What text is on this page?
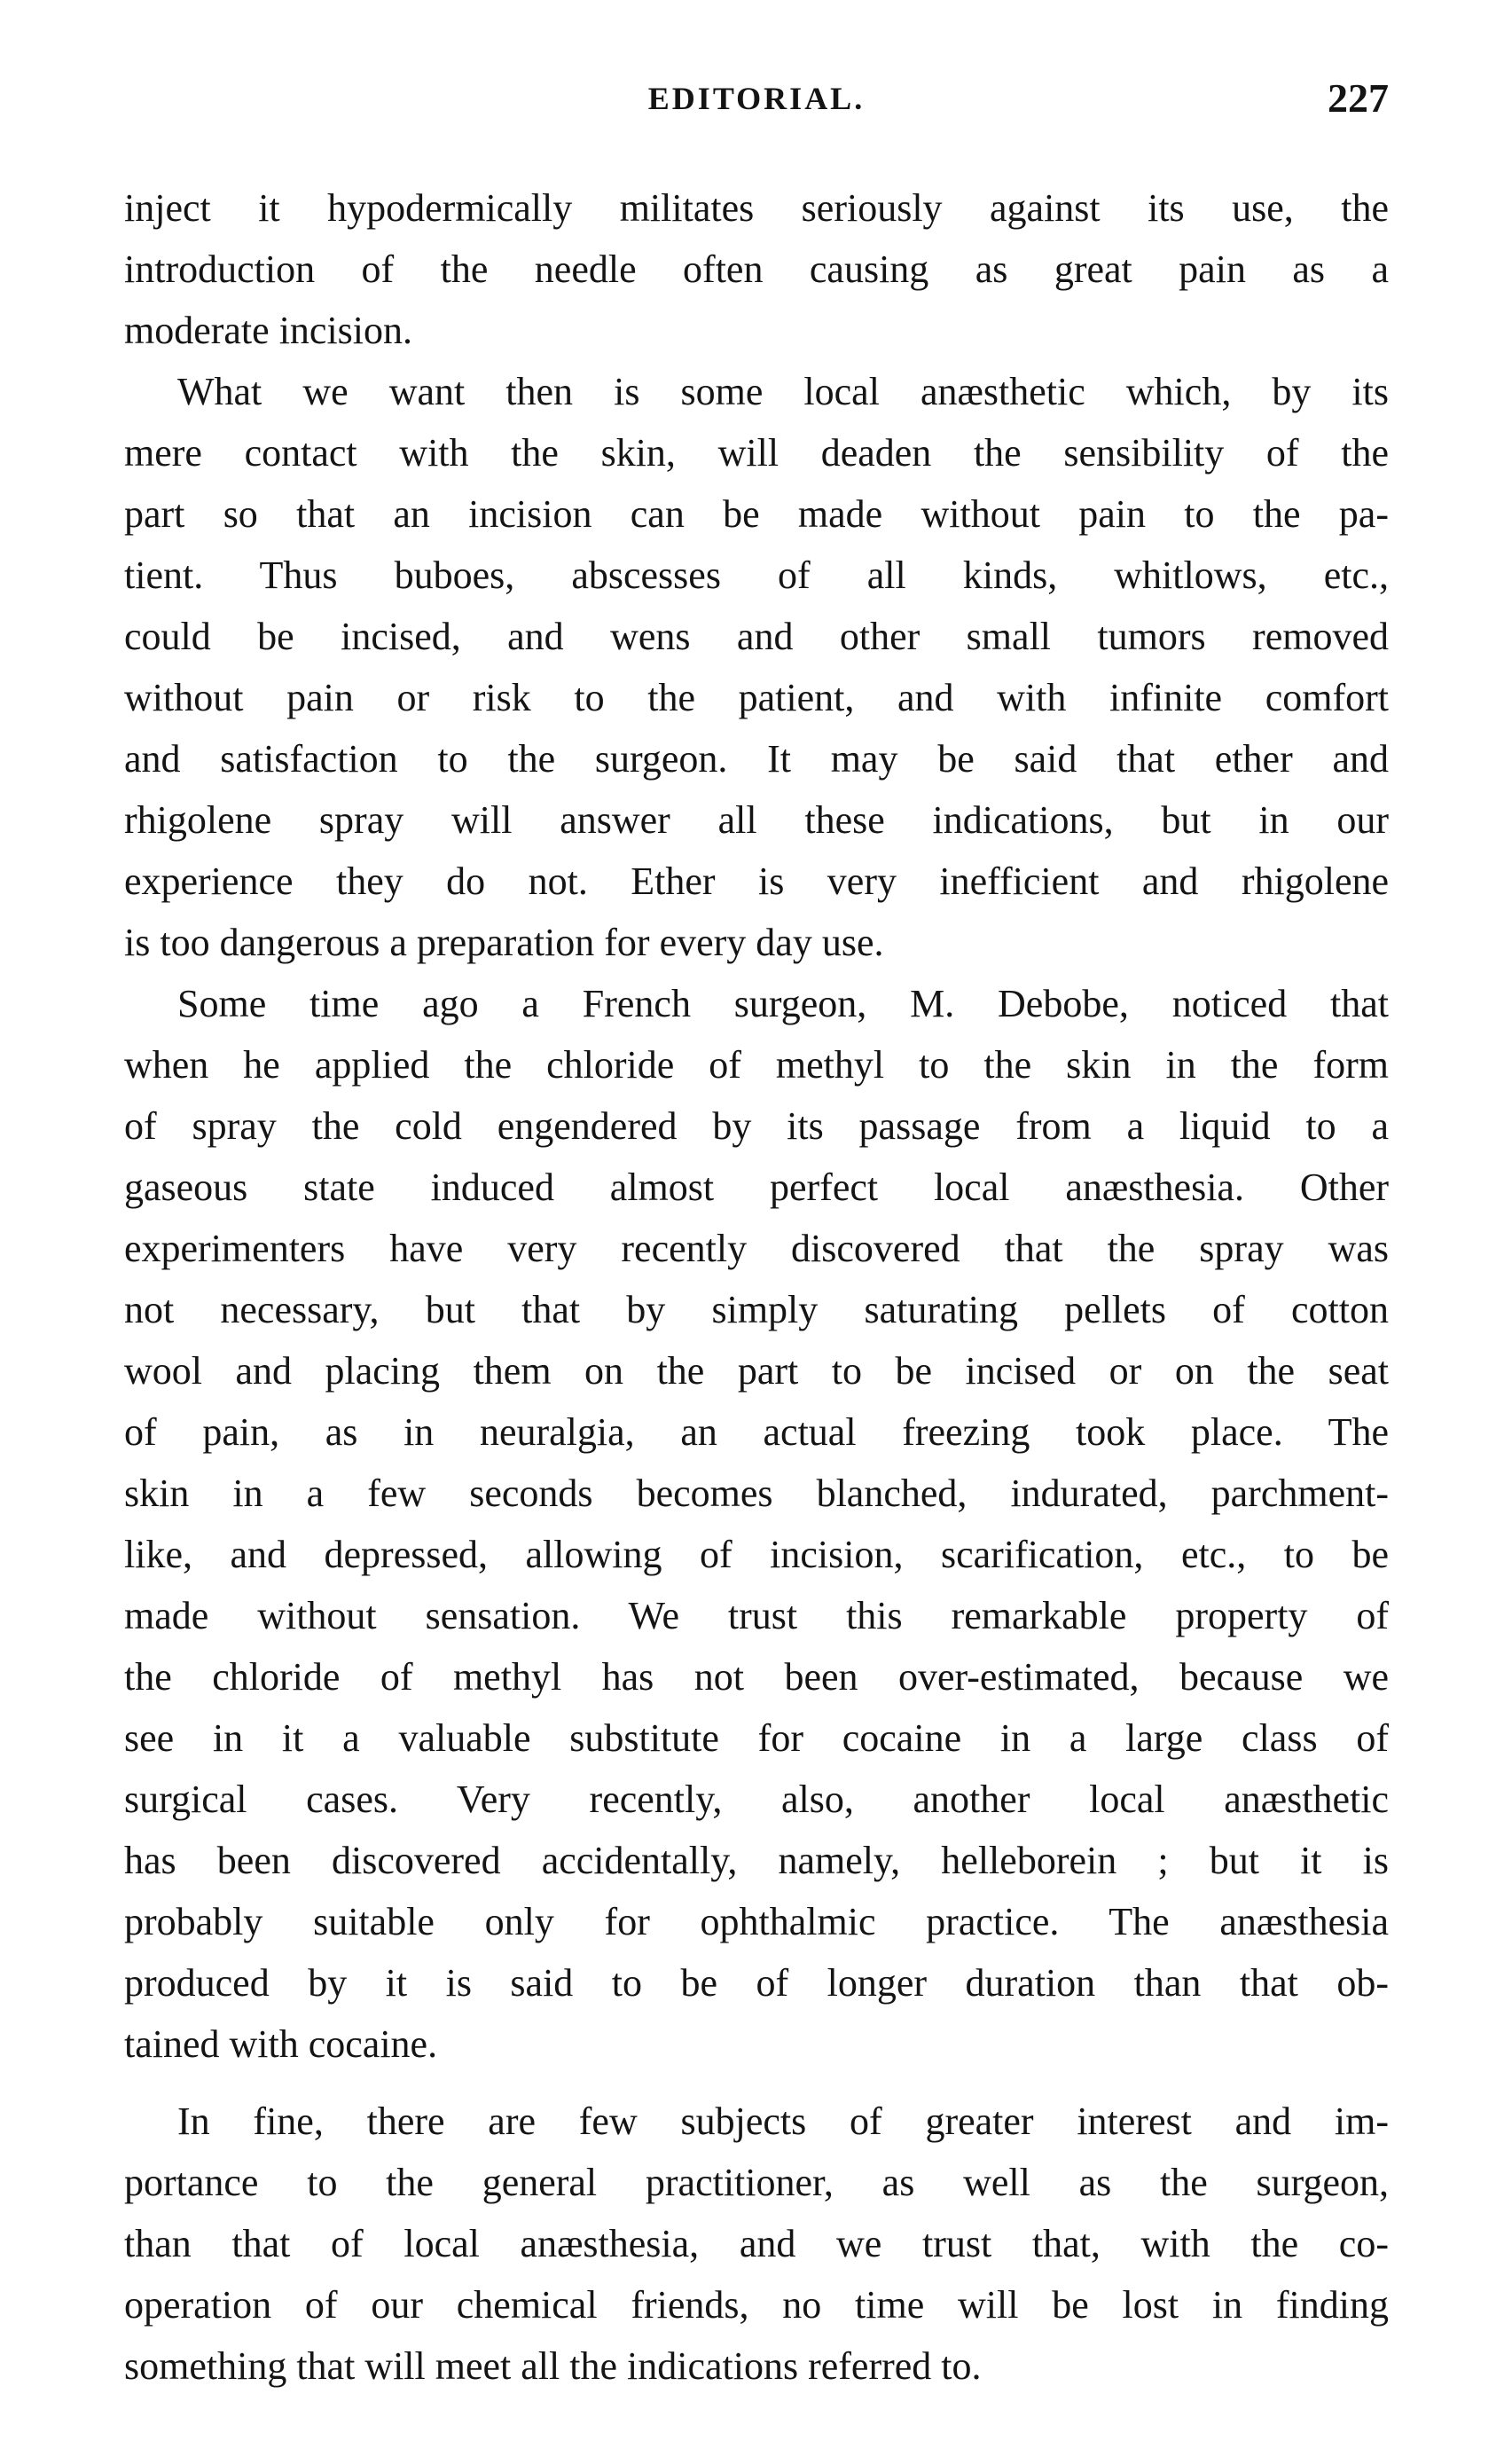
EDITORIAL.	227
inject it hypodermically militates seriously against its use, the
introduction of the needle often causing as great pain as a
moderate incision.
What we want then is some local anæsthetic which, by its
mere contact with the skin, will deaden the sensibility of the
part so that an incision can be made without pain to the pa-
tient. Thus buboes, abscesses of all kinds, whitlows, etc.,
could be incised, and wens and other small tumors removed
without pain or risk to the patient, and with infinite comfort
and satisfaction to the surgeon. It may be said that ether and
rhigolene spray will answer all these indications, but in our
experience they do not. Ether is very inefficient and rhigolene
is too dangerous a preparation for every day use.
Some time ago a French surgeon, M. Debobe, noticed that
when he applied the chloride of methyl to the skin in the form
of spray the cold engendered by its passage from a liquid to a
gaseous state induced almost perfect local anæsthesia. Other
experimenters have very recently discovered that the spray was
not necessary, but that by simply saturating pellets of cotton
wool and placing them on the part to be incised or on the seat
of pain, as in neuralgia, an actual freezing took place. The
skin in a few seconds becomes blanched, indurated, parchment-
like, and depressed, allowing of incision, scarification, etc., to be
made without sensation. We trust this remarkable property of
the chloride of methyl has not been over-estimated, because we
see in it a valuable substitute for cocaine in a large class of
surgical cases. Very recently, also, another local anæsthetic
has been discovered accidentally, namely, helleborein ; but it is
probably suitable only for ophthalmic practice. The anæsthesia
produced by it is said to be of longer duration than that ob-
tained with cocaine.
In fine, there are few subjects of greater interest and im-
portance to the general practitioner, as well as the surgeon,
than that of local anæsthesia, and we trust that, with the co-
operation of our chemical friends, no time will be lost in finding
something that will meet all the indications referred to.
